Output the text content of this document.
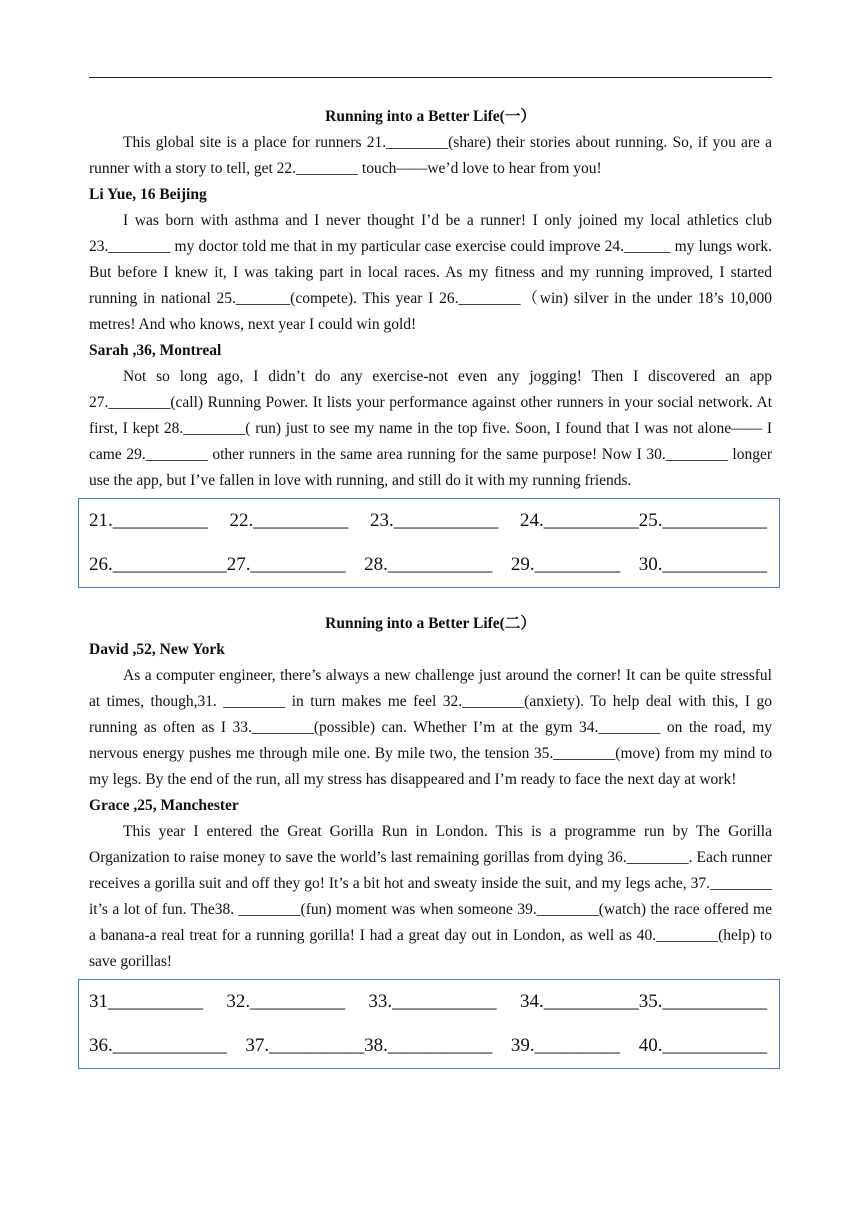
Running into a Better Life(一）
This global site is a place for runners 21.________(share) their stories about running. So, if you are a runner with a story to tell, get 22.________ touch——we’d love to hear from you!
Li Yue, 16 Beijing
I was born with asthma and I never thought I’d be a runner! I only joined my local athletics club 23.________ my doctor told me that in my particular case exercise could improve 24.______ my lungs work. But before I knew it, I was taking part in local races. As my fitness and my running improved, I started running in national 25._______(compete). This year I 26.________（win) silver in the under 18’s 10,000 metres! And who knows, next year I could win gold!
Sarah ,36, Montreal
Not so long ago, I didn’t do any exercise-not even any jogging! Then I discovered an app 27.________(call) Running Power. It lists your performance against other runners in your social network. At first, I kept 28.________( run) just to see my name in the top five. Soon, I found that I was not alone—— I came 29.________ other runners in the same area running for the same purpose! Now I 30.________ longer use the app, but I’ve fallen in love with running, and still do it with my running friends.
21.__________ 22.__________ 23.___________ 24.__________25.___________
26.____________27.__________ 28.___________ 29._________ 30.___________
Running into a Better Life(二）
David ,52, New York
As a computer engineer, there’s always a new challenge just around the corner! It can be quite stressful at times, though,31. ________ in turn makes me feel 32.________(anxiety). To help deal with this, I go running as often as I 33.________(possible) can. Whether I’m at the gym 34.________ on the road, my nervous energy pushes me through mile one. By mile two, the tension 35.________(move) from my mind to my legs. By the end of the run, all my stress has disappeared and I’m ready to face the next day at work!
Grace ,25, Manchester
This year I entered the Great Gorilla Run in London. This is a programme run by The Gorilla Organization to raise money to save the world’s last remaining gorillas from dying 36.________. Each runner receives a gorilla suit and off they go! It’s a bit hot and sweaty inside the suit, and my legs ache, 37.________ it’s a lot of fun. The38. ________(fun) moment was when someone 39.________(watch) the race offered me a banana-a real treat for a running gorilla! I had a great day out in London, as well as 40.________(help) to save gorillas!
31__________ 32.__________ 33.___________ 34.__________35.___________
36.____________ 37.__________38.___________ 39._________ 40.___________
